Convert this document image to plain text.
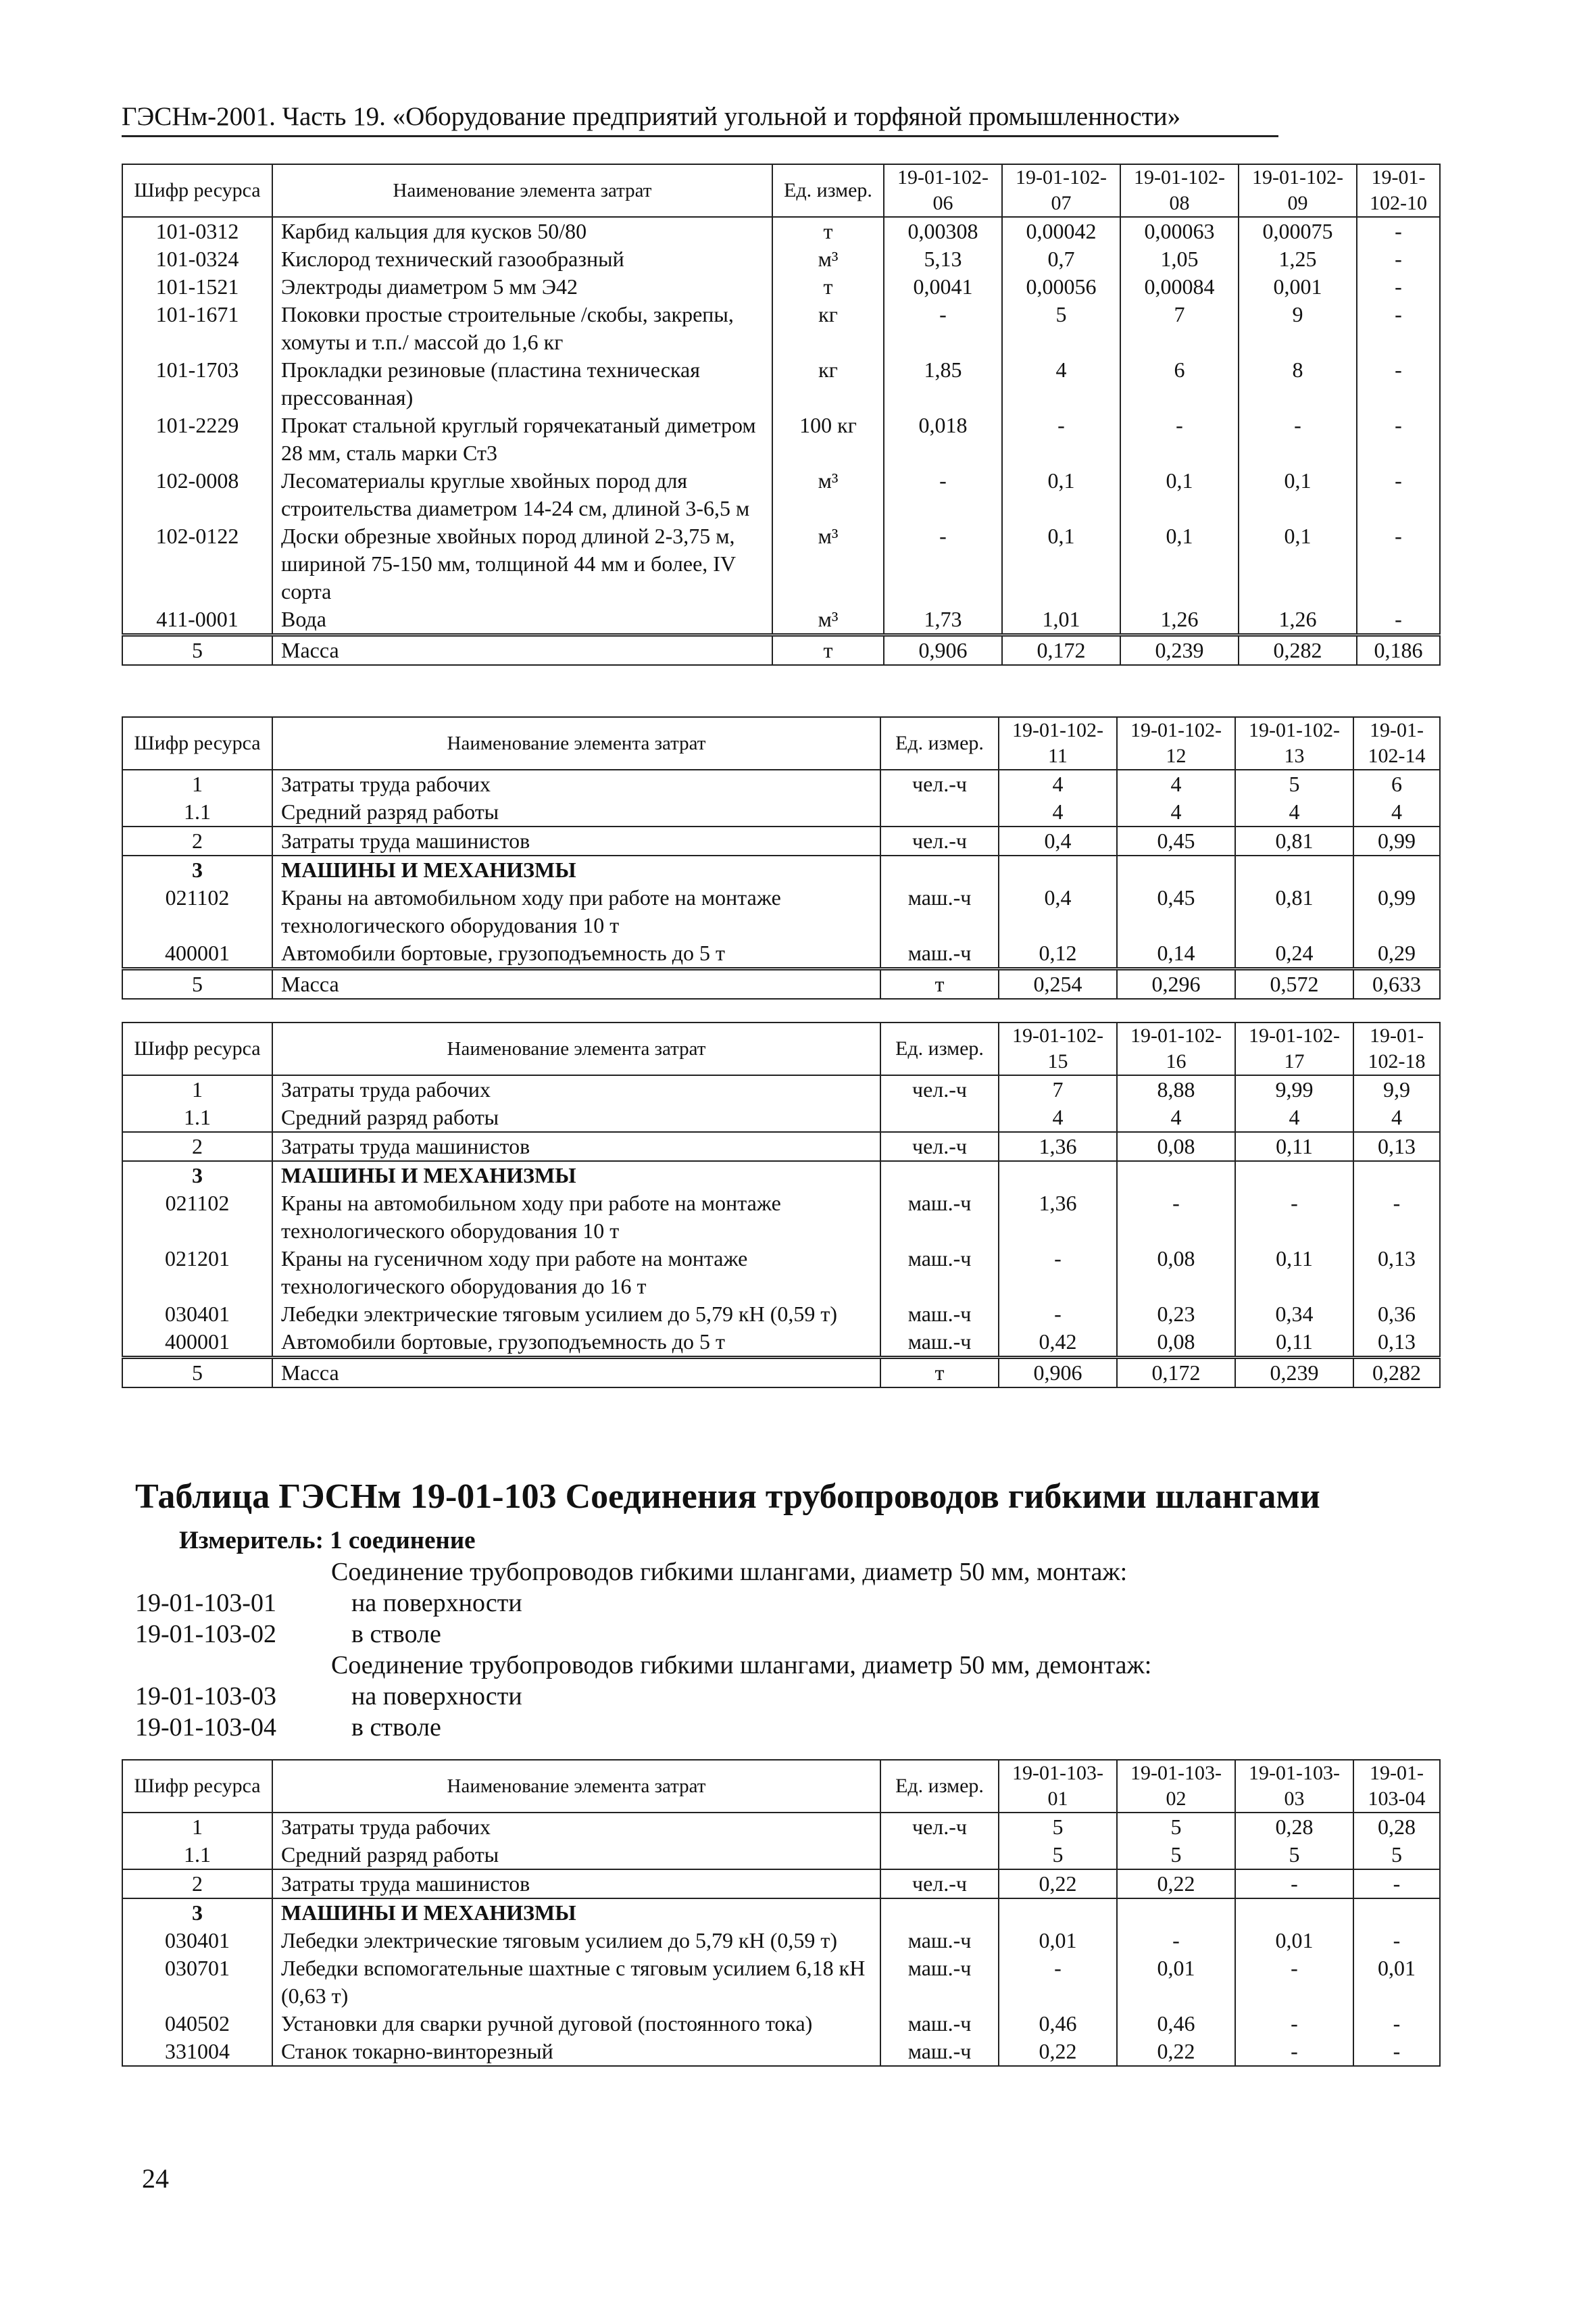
ГЭСНм-2001. Часть 19. «Оборудование предприятий угольной и торфяной промышленности»
Шифр ресурса	Наименование элемента затрат	Ед. измер.	19-01-102-06	19-01-102-07	19-01-102-08	19-01-102-09	19-01-102-10
101-0312	Карбид кальция для кусков 50/80	т	0,00308	0,00042	0,00063	0,00075	-
101-0324	Кислород технический газообразный	м³	5,13	0,7	1,05	1,25	-
101-1521	Электроды диаметром 5 мм Э42	т	0,0041	0,00056	0,00084	0,001	-
101-1671	Поковки простые строительные /скобы, закрепы, хомуты и т.п./ массой до 1,6 кг	кг	-	5	7	9	-
101-1703	Прокладки резиновые (пластина техническая прессованная)	кг	1,85	4	6	8	-
101-2229	Прокат стальной круглый горячекатаный диметром 28 мм, сталь марки Ст3	100 кг	0,018	-	-	-	-
102-0008	Лесоматериалы круглые хвойных пород для строительства диаметром 14-24 см, длиной 3-6,5 м	м³	-	0,1	0,1	0,1	-
102-0122	Доски обрезные хвойных пород длиной 2-3,75 м, шириной 75-150 мм, толщиной 44 мм и более, IV сорта	м³	-	0,1	0,1	0,1	-
411-0001	Вода	м³	1,73	1,01	1,26	1,26	-
5	Масса	т	0,906	0,172	0,239	0,282	0,186
Шифр ресурса	Наименование элемента затрат	Ед. измер.	19-01-102-11	19-01-102-12	19-01-102-13	19-01-102-14
1	Затраты труда рабочих	чел.-ч	4	4	5	6
1.1	Средний разряд работы		4	4	4	4
2	Затраты труда машинистов	чел.-ч	0,4	0,45	0,81	0,99
3	МАШИНЫ И МЕХАНИЗМЫ					
021102	Краны на автомобильном ходу при работе на монтаже технологического оборудования 10 т	маш.-ч	0,4	0,45	0,81	0,99
400001	Автомобили бортовые, грузоподъемность до 5 т	маш.-ч	0,12	0,14	0,24	0,29
5	Масса	т	0,254	0,296	0,572	0,633
Шифр ресурса	Наименование элемента затрат	Ед. измер.	19-01-102-15	19-01-102-16	19-01-102-17	19-01-102-18
1	Затраты труда рабочих	чел.-ч	7	8,88	9,99	9,9
1.1	Средний разряд работы		4	4	4	4
2	Затраты труда машинистов	чел.-ч	1,36	0,08	0,11	0,13
3	МАШИНЫ И МЕХАНИЗМЫ					
021102	Краны на автомобильном ходу при работе на монтаже технологического оборудования 10 т	маш.-ч	1,36	-	-	-
021201	Краны на гусеничном ходу при работе на монтаже технологического оборудования до 16 т	маш.-ч	-	0,08	0,11	0,13
030401	Лебедки электрические тяговым усилием до 5,79 кН (0,59 т)	маш.-ч	-	0,23	0,34	0,36
400001	Автомобили бортовые, грузоподъемность до 5 т	маш.-ч	0,42	0,08	0,11	0,13
5	Масса	т	0,906	0,172	0,239	0,282
Таблица ГЭСНм 19-01-103 Соединения трубопроводов гибкими шлангами
Измеритель: 1 соединение
Соединение трубопроводов гибкими шлангами, диаметр 50 мм, монтаж:
19-01-103-01	на поверхности
19-01-103-02	в стволе
Соединение трубопроводов гибкими шлангами, диаметр 50 мм, демонтаж:
19-01-103-03	на поверхности
19-01-103-04	в стволе
Шифр ресурса	Наименование элемента затрат	Ед. измер.	19-01-103-01	19-01-103-02	19-01-103-03	19-01-103-04
1	Затраты труда рабочих	чел.-ч	5	5	0,28	0,28
1.1	Средний разряд работы		5	5	5	5
2	Затраты труда машинистов	чел.-ч	0,22	0,22	-	-
3	МАШИНЫ И МЕХАНИЗМЫ					
030401	Лебедки электрические тяговым усилием до 5,79 кН (0,59 т)	маш.-ч	0,01	-	0,01	-
030701	Лебедки вспомогательные шахтные с тяговым усилием 6,18 кН (0,63 т)	маш.-ч	-	0,01	-	0,01
040502	Установки для сварки ручной дуговой (постоянного тока)	маш.-ч	0,46	0,46	-	-
331004	Станок токарно-винторезный	маш.-ч	0,22	0,22	-	-
24
